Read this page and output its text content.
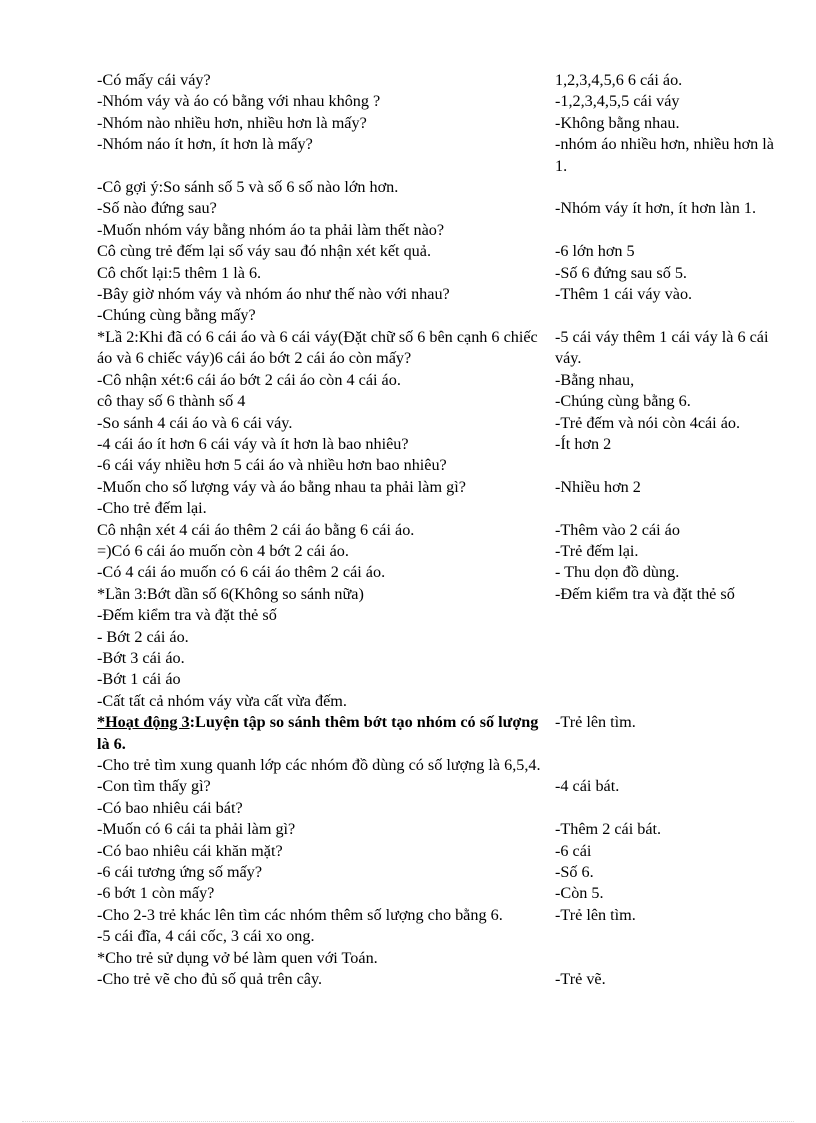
-Có mấy cái váy?	1,2,3,4,5,6 6 cái áo.
-Nhóm váy và áo có bằng với nhau không ?	-1,2,3,4,5,5 cái váy
-Nhóm nào nhiều hơn, nhiều hơn là mấy?	-Không bằng nhau.
-Nhóm náo ít hơn, ít hơn là mấy?	-nhóm áo nhiều hơn, nhiều hơn là 1.
-Cô gợi ý:So sánh số 5 và số 6 số nào lớn hơn.	
-Số nào đứng sau?	-Nhóm váy ít hơn, ít hơn làn 1.
-Muốn nhóm váy bằng nhóm áo ta phải làm thết nào?	
Cô cùng trẻ đếm lại số váy sau đó nhận xét kết quả.	-6 lớn hơn 5
Cô chốt lại:5 thêm 1 là 6.	-Số 6 đứng sau số 5.
-Bây giờ nhóm váy và nhóm áo như thế nào với nhau?	-Thêm 1 cái váy vào.
-Chúng cùng bằng mấy?	
*Lầ 2:Khi đã có 6 cái áo và 6 cái váy(Đặt chữ số 6 bên cạnh 6 chiếc áo và 6 chiếc váy)6 cái áo bớt 2 cái áo còn mấy?	-5 cái váy thêm 1 cái váy là 6 cái váy.
-Cô nhận xét:6 cái áo bớt 2 cái áo còn 4 cái áo.	-Bằng nhau,
cô thay số 6 thành số 4	-Chúng cùng bằng 6.
-So sánh 4 cái áo và 6 cái váy.	-Trẻ đếm và nói còn 4cái áo.
-4 cái áo ít hơn 6 cái váy và ít hơn là bao nhiêu?	-Ít hơn 2
-6 cái váy nhiều hơn 5 cái áo và nhiều hơn bao nhiêu?	
-Muốn cho số lượng váy và áo bằng nhau ta phải làm gì?	-Nhiều hơn 2
-Cho trẻ đếm lại.	
Cô nhận xét 4 cái áo thêm 2 cái áo bằng 6 cái áo.	-Thêm vào 2 cái áo
=)Có 6 cái áo muốn còn 4 bớt 2 cái áo.	-Trẻ đếm lại.
-Có 4 cái áo muốn có 6 cái áo thêm 2 cái áo.	- Thu dọn đồ dùng.
*Lần 3:Bớt dần số 6(Không so sánh nữa)	-Đếm kiểm tra và đặt thẻ số
-Đếm kiểm tra và đặt thẻ số	
- Bớt 2 cái áo.	
-Bớt 3 cái áo.	
-Bớt 1 cái áo	
-Cất tất cả nhóm váy vừa cất vừa đếm.	
*Hoạt động 3:Luyện tập so sánh thêm bớt tạo nhóm có số lượng là 6.	-Trẻ lên tìm.
-Cho trẻ tìm xung quanh lớp các nhóm đồ dùng có số lượng là 6,5,4.	
-Con tìm thấy gì?	-4 cái bát.
-Có bao nhiêu cái bát?	
-Muốn có 6 cái ta phải làm gì?	-Thêm 2 cái bát.
-Có bao nhiêu cái khăn mặt?	-6 cái
-6 cái tương ứng số mấy?	-Số 6.
-6 bớt 1 còn mấy?	-Còn 5.
-Cho 2-3 trẻ khác lên tìm các nhóm thêm số lượng cho bằng 6.	-Trẻ lên tìm.
-5 cái đĩa, 4 cái cốc, 3 cái xo ong.	
*Cho trẻ sử dụng vở bé làm quen với Toán.	
-Cho trẻ vẽ cho đủ số quả trên cây.	-Trẻ vẽ.
